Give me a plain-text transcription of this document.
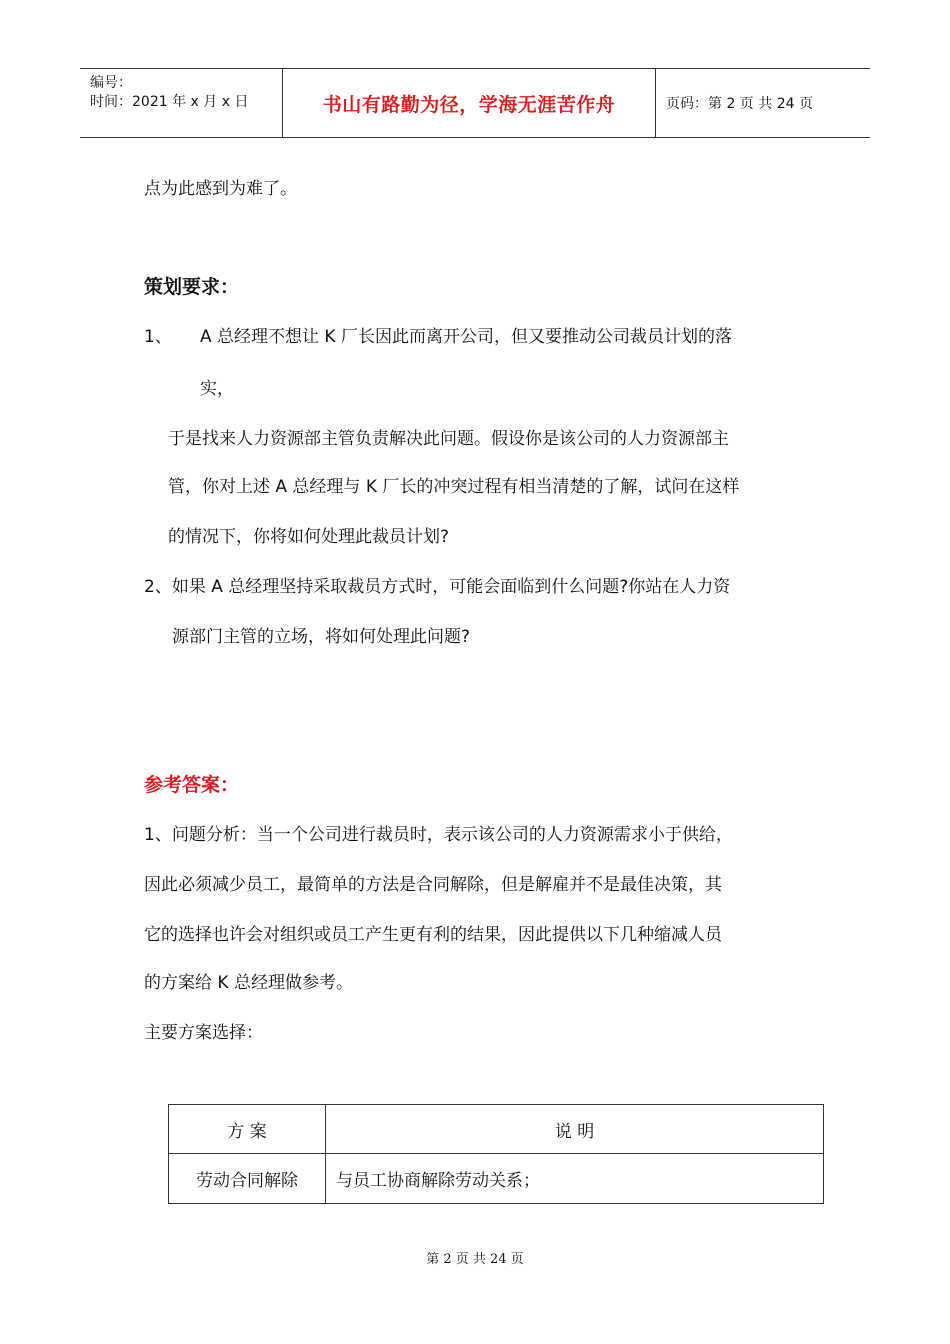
编号：
时间：2021 年 x 月 x 日	书山有路勤为径，学海无涯苦作舟	页码：第 2 页 共 24 页
点为此感到为难了。
策划要求：
1、 A 总经理不想让 K 厂长因此而离开公司，但又要推动公司裁员计划的落
实，
于是找来人力资源部主管负责解决此问题。假设你是该公司的人力资源部主
管，你对上述 A 总经理与 K 厂长的冲突过程有相当清楚的了解，试问在这样
的情况下，你将如何处理此裁员计划?
2、如果 A 总经理坚持采取裁员方式时，可能会面临到什么问题?你站在人力资
源部门主管的立场，将如何处理此问题?
参考答案：
1、问题分析：当一个公司进行裁员时，表示该公司的人力资源需求小于供给，
因此必须减少员工，最简单的方法是合同解除，但是解雇并不是最佳决策，其
它的选择也许会对组织或员工产生更有利的结果，因此提供以下几种缩减人员
的方案给 K 总经理做参考。
主要方案选择：
方 案	说 明
劳动合同解除	与员工协商解除劳动关系；
第 2 页 共 24 页
